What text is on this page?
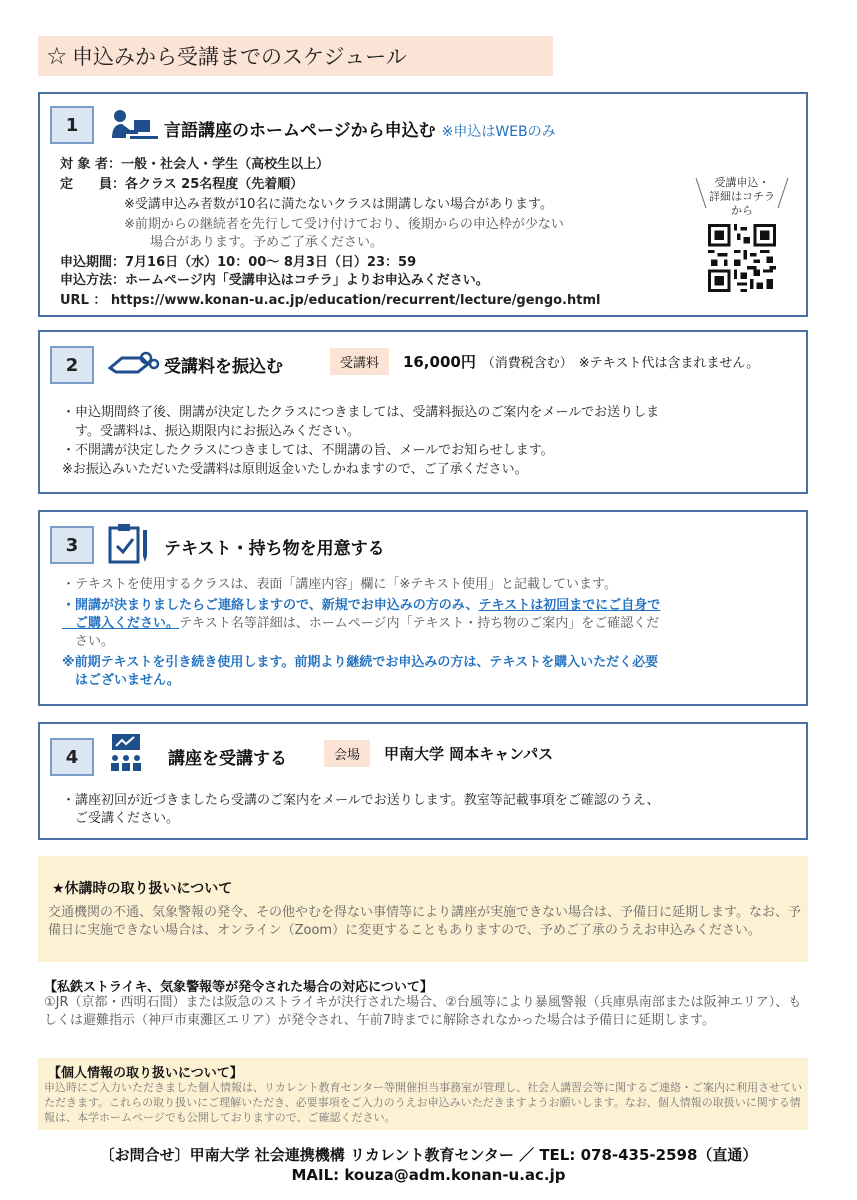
☆ 申込みから受講までのスケジュール
1	言語講座のホームページから申込む ※申込はWEBのみ
対 象 者：一般・社会人・学生（高校生以上）
定　　員：各クラス 25名程度（先着順）
※受講申込み者数が10名に満たないクラスは開講しない場合があります。
※前期からの継続者を先行して受け付けており、後期からの申込枠が少ない
場合があります。予めご了承ください。
申込期間：7月16日（水）10：00～ 8月3日（日）23：59
申込方法：ホームページ内「受講申込はコチラ」よりお申込みください。
URL ： https://www.konan-u.ac.jp/education/recurrent/lecture/gengo.html
受講申込・
詳細はコチラ
から
2	受講料を振込む	受講料 16,000円 （消費税含む） ※テキスト代は含まれません。
・申込期間終了後、開講が決定したクラスにつきましては、受講料振込のご案内をメールでお送りしま
　す。受講料は、振込期限内にお振込みください。
・不開講が決定したクラスにつきましては、不開講の旨、メールでお知らせします。
※お振込みいただいた受講料は原則返金いたしかねますので、ご了承ください。
3	テキスト・持ち物を用意する
・テキストを使用するクラスは、表面「講座内容」欄に「※テキスト使用」と記載しています。
・開講が決まりましたらご連絡しますので、新規でお申込みの方のみ、テキストは初回までにご自身で
　ご購入ください。テキスト名等詳細は、ホームページ内「テキスト・持ち物のご案内」をご確認くだ
　さい。
※前期テキストを引き続き使用します。前期より継続でお申込みの方は、テキストを購入いただく必要
　はございません。
4	講座を受講する	会場 甲南大学 岡本キャンパス
・講座初回が近づきましたら受講のご案内をメールでお送りします。教室等記載事項をご確認のうえ、
　ご受講ください。
★休講時の取り扱いについて
交通機関の不通、気象警報の発令、その他やむを得ない事情等により講座が実施できない場合は、予備日に延期します。なお、予備日に実施できない場合は、オンライン（Zoom）に変更することもありますので、予めご了承のうえお申込みください。
【私鉄ストライキ、気象警報等が発令された場合の対応について】
①JR（京都・西明石間）または阪急のストライキが決行された場合、②台風等により暴風警報（兵庫県南部または阪神エリア）、もしくは避難指示（神戸市東灘区エリア）が発令され、午前7時までに解除されなかった場合は予備日に延期します。
【個人情報の取り扱いについて】
申込時にご入力いただきました個人情報は、リカレント教育センター等開催担当事務室が管理し、社会人講習会等に関するご連絡・ご案内に利用させていただきます。これらの取り扱いにご理解いただき、必要事項をご入力のうえお申込みいただきますようお願いします。なお、個人情報の取扱いに関する情報は、本学ホームページでも公開しておりますので、ご確認ください。
〔お問合せ〕甲南大学 社会連携機構 リカレント教育センター ／ TEL: 078-435-2598（直通）
MAIL: kouza@adm.konan-u.ac.jp
